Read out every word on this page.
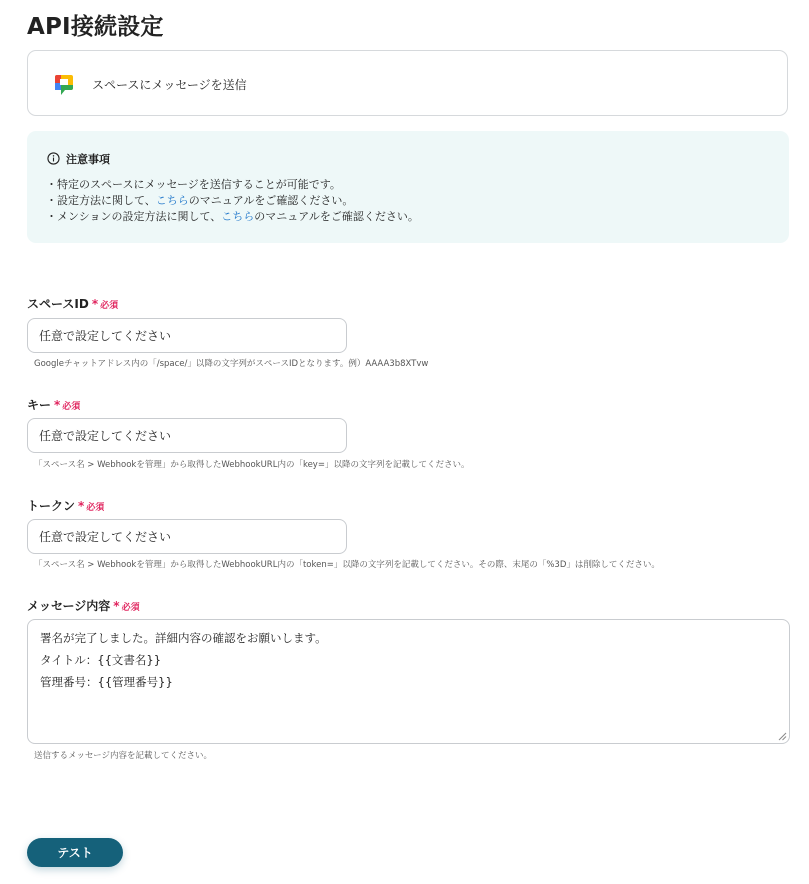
API接続設定
スペースにメッセージを送信
注意事項
・特定のスペースにメッセージを送信することが可能です。
・設定方法に関して、こちらのマニュアルをご確認ください。
・メンションの設定方法に関して、こちらのマニュアルをご確認ください。
スペースID * 必須
任意で設定してください
Googleチャットアドレス内の「/space/」以降の文字列がスペースIDとなります。例）AAAA3b8XTvw
キー * 必須
任意で設定してください
「スペース名 > Webhookを管理」から取得したWebhookURL内の「key=」以降の文字列を記載してください。
トークン * 必須
任意で設定してください
「スペース名 > Webhookを管理」から取得したWebhookURL内の「token=」以降の文字列を記載してください。その際、末尾の「%3D」は削除してください。
メッセージ内容 * 必須
署名が完了しました。詳細内容の確認をお願いします。
タイトル：{{文書名}}
管理番号：{{管理番号}}
送信するメッセージ内容を記載してください。
テスト
